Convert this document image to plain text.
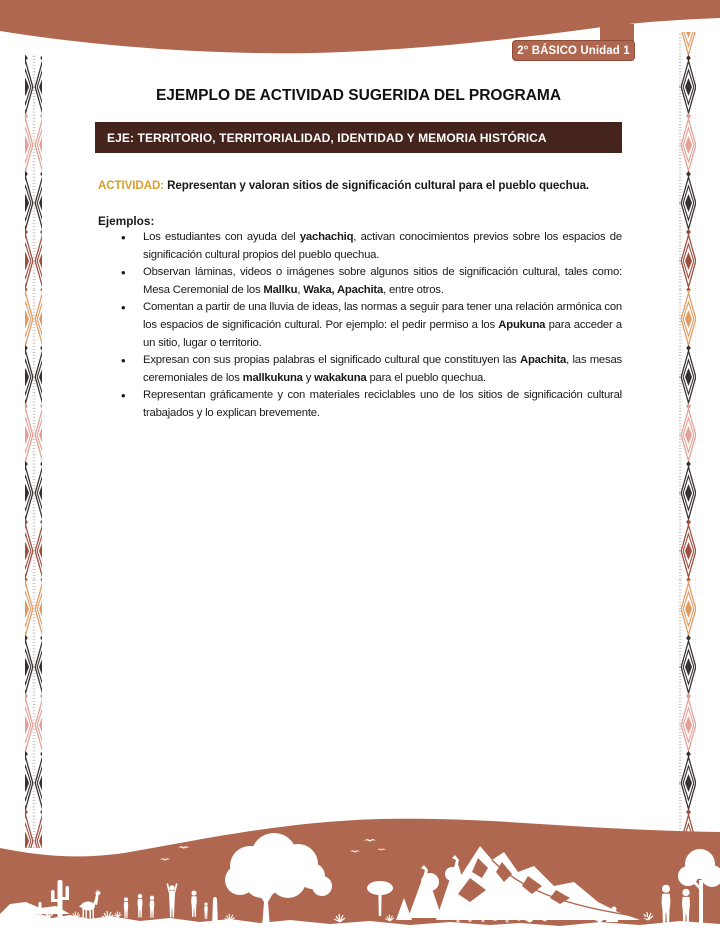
2° BÁSICO Unidad 1
EJEMPLO DE ACTIVIDAD SUGERIDA DEL PROGRAMA
EJE: TERRITORIO, TERRITORIALIDAD, IDENTIDAD Y MEMORIA HISTÓRICA
ACTIVIDAD: Representan y valoran sitios de significación cultural para el pueblo quechua.
Ejemplos:
• Los estudiantes con ayuda del yachachiq, activan conocimientos previos sobre los espacios de significación cultural propios del pueblo quechua.
• Observan láminas, videos o imágenes sobre algunos sitios de significación cultural, tales como: Mesa Ceremonial de los Mallku, Waka, Apachita, entre otros.
• Comentan a partir de una lluvia de ideas, las normas a seguir para tener una relación armónica con los espacios de significación cultural. Por ejemplo: el pedir permiso a los Apukuna para acceder a un sitio, lugar o territorio.
• Expresan con sus propias palabras el significado cultural que constituyen las Apachita, las mesas ceremoniales de los mallkukuna y wakakuna para el pueblo quechua.
• Representan gráficamente y con materiales reciclables uno de los sitios de significación cultural trabajados y lo explican brevemente.
